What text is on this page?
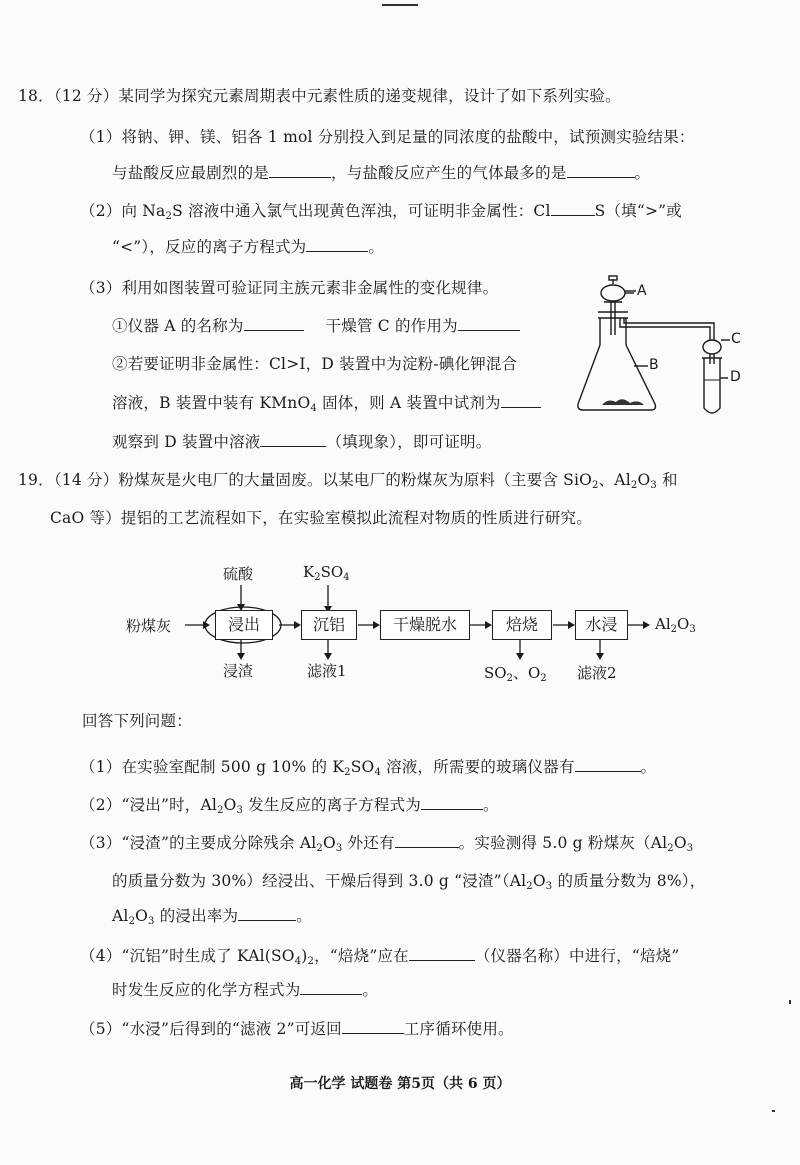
18．（12 分）某同学为探究元素周期表中元素性质的递变规律，设计了如下系列实验。
（1）将钠、钾、镁、铝各 1 mol 分别投入到足量的同浓度的盐酸中，试预测实验结果：
与盐酸反应最剧烈的是	，与盐酸反应产生的气体最多的是	。
（2）向 $Na_2S$ 溶液中通入氯气出现黄色浑浊，可证明非金属性：Cl	S（填“>”或
“<”），反应的离子方程式为	。
（3）利用如图装置可验证同主族元素非金属性的变化规律。
①仪器 A 的名称为	干燥管 C 的作用为
②若要证明非金属性：Cl>I，D 装置中为淀粉-碘化钾混合
溶液，B 装置中装有 KMnO$_4$ 固体，则 A 装置中试剂为
观察到 D 装置中溶液	（填现象），即可证明。
A
B
C
D
19．（14 分）粉煤灰是火电厂的大量固废。以某电厂的粉煤灰为原料（主要含 SiO$_2$、$Al_2O_3$ 和
CaO 等）提铝的工艺流程如下，在实验室模拟此流程对物质的性质进行研究。
粉煤灰
硫酸	$K_2SO_4$
浸出	沉铝	干燥脱水	焙烧	水浸	$Al_2O_3$
浸渣	滤液1	$SO_2$、$O_2$ 滤液2
回答下列问题：
（1）在实验室配制 500 g 10% 的 $K_2SO_4$ 溶液，所需要的玻璃仪器有	。
（2）“浸出”时，$Al_2O_3$ 发生反应的离子方程式为	。
（3）“浸渣”的主要成分除残余 $Al_2O_3$ 外还有	。实验测得 5.0 g 粉煤灰（$Al_2O_3$
的质量分数为 30%）经浸出、干燥后得到 3.0 g “浸渣$”(Al_2O_3$ 的质量分数为 8%），
$Al_2O_3$ 的浸出率为	。
（4）“沉铝”时生成了 $KAl(SO_4)_2$，“焙烧”应在	（仪器名称）中进行，“焙烧”
时发生反应的化学方程式为	。
（5）“水浸”后得到的“滤液 2”可返回	工序循环使用。
高一化学 试题卷 第5页（共 6 页）
